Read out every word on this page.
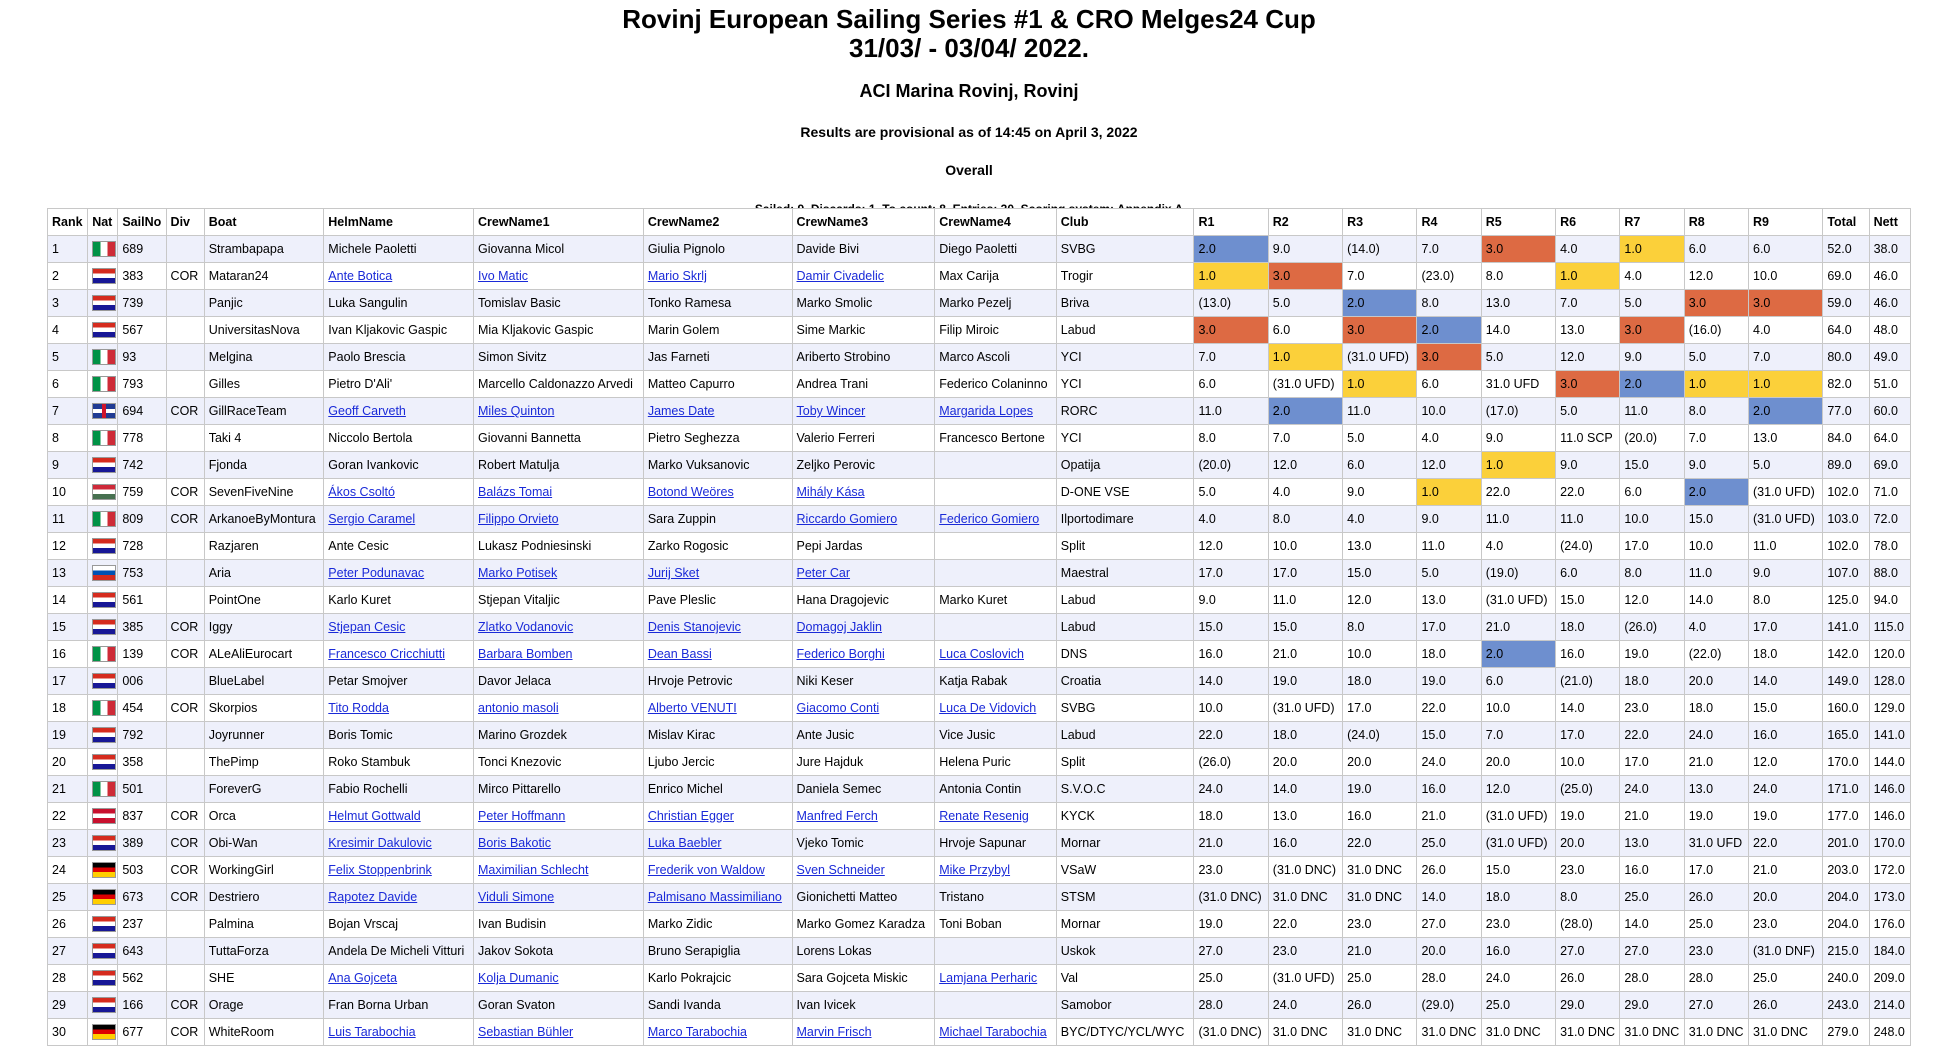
Rovinj European Sailing Series #1 & CRO Melges24 Cup
31/03/ - 03/04/ 2022.
ACI Marina Rovinj, Rovinj
Results are provisional as of 14:45 on April 3, 2022
Overall
Rank	Nat	SailNo	Div	Boat	HelmName	CrewName1	CrewName2	CrewName3	CrewName4	Club	R1	R2	R3	R4	R5	R6	R7	R8	R9	Total	Nett
1		689		Strambapapa	Michele Paoletti	Giovanna Micol	Giulia Pignolo	Davide Bivi	Diego Paoletti	SVBG	2.0	9.0	(14.0)	7.0	3.0	4.0	1.0	6.0	6.0	52.0	38.0
2		383	COR	Mataran24	Ante Botica	Ivo Matic	Mario Skrlj	Damir Civadelic	Max Carija	Trogir	1.0	3.0	7.0	(23.0)	8.0	1.0	4.0	12.0	10.0	69.0	46.0
3		739		Panjic	Luka Sangulin	Tomislav Basic	Tonko Ramesa	Marko Smolic	Marko Pezelj	Briva	(13.0)	5.0	2.0	8.0	13.0	7.0	5.0	3.0	3.0	59.0	46.0
4		567		UniversitasNova	Ivan Kljakovic Gaspic	Mia Kljakovic Gaspic	Marin Golem	Sime Markic	Filip Miroic	Labud	3.0	6.0	3.0	2.0	14.0	13.0	3.0	(16.0)	4.0	64.0	48.0
5		93		Melgina	Paolo Brescia	Simon Sivitz	Jas Farneti	Ariberto Strobino	Marco Ascoli	YCI	7.0	1.0	(31.0 UFD)	3.0	5.0	12.0	9.0	5.0	7.0	80.0	49.0
6		793		Gilles	Pietro D'Ali'	Marcello Caldonazzo Arvedi	Matteo Capurro	Andrea Trani	Federico Colaninno	YCI	6.0	(31.0 UFD)	1.0	6.0	31.0 UFD	3.0	2.0	1.0	1.0	82.0	51.0
7		694	COR	GillRaceTeam	Geoff Carveth	Miles Quinton	James Date	Toby Wincer	Margarida Lopes	RORC	11.0	2.0	11.0	10.0	(17.0)	5.0	11.0	8.0	2.0	77.0	60.0
8		778		Taki 4	Niccolo Bertola	Giovanni Bannetta	Pietro Seghezza	Valerio Ferreri	Francesco Bertone	YCI	8.0	7.0	5.0	4.0	9.0	11.0 SCP	(20.0)	7.0	13.0	84.0	64.0
9		742		Fjonda	Goran Ivankovic	Robert Matulja	Marko Vuksanovic	Zeljko Perovic		Opatija	(20.0)	12.0	6.0	12.0	1.0	9.0	15.0	9.0	5.0	89.0	69.0
10		759	COR	SevenFiveNine	Ákos Csoltó	Balázs Tomai	Botond Weöres	Mihály Kása		D-ONE VSE	5.0	4.0	9.0	1.0	22.0	22.0	6.0	2.0	(31.0 UFD)	102.0	71.0
11		809	COR	ArkanoeByMontura	Sergio Caramel	Filippo Orvieto	Sara Zuppin	Riccardo Gomiero	Federico Gomiero	Ilportodimare	4.0	8.0	4.0	9.0	11.0	11.0	10.0	15.0	(31.0 UFD)	103.0	72.0
12		728		Razjaren	Ante Cesic	Lukasz Podniesinski	Zarko Rogosic	Pepi Jardas		Split	12.0	10.0	13.0	11.0	4.0	(24.0)	17.0	10.0	11.0	102.0	78.0
13		753		Aria	Peter Podunavac	Marko Potisek	Jurij Sket	Peter Car		Maestral	17.0	17.0	15.0	5.0	(19.0)	6.0	8.0	11.0	9.0	107.0	88.0
14		561		PointOne	Karlo Kuret	Stjepan Vitaljic	Pave Pleslic	Hana Dragojevic	Marko Kuret	Labud	9.0	11.0	12.0	13.0	(31.0 UFD)	15.0	12.0	14.0	8.0	125.0	94.0
15		385	COR	Iggy	Stjepan Cesic	Zlatko Vodanovic	Denis Stanojevic	Domagoj Jaklin		Labud	15.0	15.0	8.0	17.0	21.0	18.0	(26.0)	4.0	17.0	141.0	115.0
16		139	COR	ALeAliEurocart	Francesco Cricchiutti	Barbara Bomben	Dean Bassi	Federico Borghi	Luca Coslovich	DNS	16.0	21.0	10.0	18.0	2.0	16.0	19.0	(22.0)	18.0	142.0	120.0
17		006		BlueLabel	Petar Smojver	Davor Jelaca	Hrvoje Petrovic	Niki Keser	Katja Rabak	Croatia	14.0	19.0	18.0	19.0	6.0	(21.0)	18.0	20.0	14.0	149.0	128.0
18		454	COR	Skorpios	Tito Rodda	antonio masoli	Alberto VENUTI	Giacomo Conti	Luca De Vidovich	SVBG	10.0	(31.0 UFD)	17.0	22.0	10.0	14.0	23.0	18.0	15.0	160.0	129.0
19		792		Joyrunner	Boris Tomic	Marino Grozdek	Mislav Kirac	Ante Jusic	Vice Jusic	Labud	22.0	18.0	(24.0)	15.0	7.0	17.0	22.0	24.0	16.0	165.0	141.0
20		358		ThePimp	Roko Stambuk	Tonci Knezovic	Ljubo Jercic	Jure Hajduk	Helena Puric	Split	(26.0)	20.0	20.0	24.0	20.0	10.0	17.0	21.0	12.0	170.0	144.0
21		501		ForeverG	Fabio Rochelli	Mirco Pittarello	Enrico Michel	Daniela Semec	Antonia Contin	S.V.O.C	24.0	14.0	19.0	16.0	12.0	(25.0)	24.0	13.0	24.0	171.0	146.0
22		837	COR	Orca	Helmut Gottwald	Peter Hoffmann	Christian Egger	Manfred Ferch	Renate Resenig	KYCK	18.0	13.0	16.0	21.0	(31.0 UFD)	19.0	21.0	19.0	19.0	177.0	146.0
23		389	COR	Obi-Wan	Kresimir Dakulovic	Boris Bakotic	Luka Baebler	Vjeko Tomic	Hrvoje Sapunar	Mornar	21.0	16.0	22.0	25.0	(31.0 UFD)	20.0	13.0	31.0 UFD	22.0	201.0	170.0
24		503	COR	WorkingGirl	Felix Stoppenbrink	Maximilian Schlecht	Frederik von Waldow	Sven Schneider	Mike Przybyl	VSaW	23.0	(31.0 DNC)	31.0 DNC	26.0	15.0	23.0	16.0	17.0	21.0	203.0	172.0
25		673	COR	Destriero	Rapotez Davide	Viduli Simone	Palmisano Massimiliano	Gionichetti Matteo	Tristano	STSM	(31.0 DNC)	31.0 DNC	31.0 DNC	14.0	18.0	8.0	25.0	26.0	20.0	204.0	173.0
26		237		Palmina	Bojan Vrscaj	Ivan Budisin	Marko Zidic	Marko Gomez Karadza	Toni Boban	Mornar	19.0	22.0	23.0	27.0	23.0	(28.0)	14.0	25.0	23.0	204.0	176.0
27		643		TuttaForza	Andela De Micheli Vitturi	Jakov Sokota	Bruno Serapiglia	Lorens Lokas		Uskok	27.0	23.0	21.0	20.0	16.0	27.0	27.0	23.0	(31.0 DNF)	215.0	184.0
28		562		SHE	Ana Gojceta	Kolja Dumanic	Karlo Pokrajcic	Sara Gojceta Miskic	Lamjana Perharic	Val	25.0	(31.0 UFD)	25.0	28.0	24.0	26.0	28.0	28.0	25.0	240.0	209.0
29		166	COR	Orage	Fran Borna Urban	Goran Svaton	Sandi Ivanda	Ivan Ivicek		Samobor	28.0	24.0	26.0	(29.0)	25.0	29.0	29.0	27.0	26.0	243.0	214.0
30		677	COR	WhiteRoom	Luis Tarabochia	Sebastian Bühler	Marco Tarabochia	Marvin Frisch	Michael Tarabochia	BYC/DTYC/YCL/WYC	(31.0 DNC)	31.0 DNC	31.0 DNC	31.0 DNC	31.0 DNC	31.0 DNC	31.0 DNC	31.0 DNC	31.0 DNC	279.0	248.0
